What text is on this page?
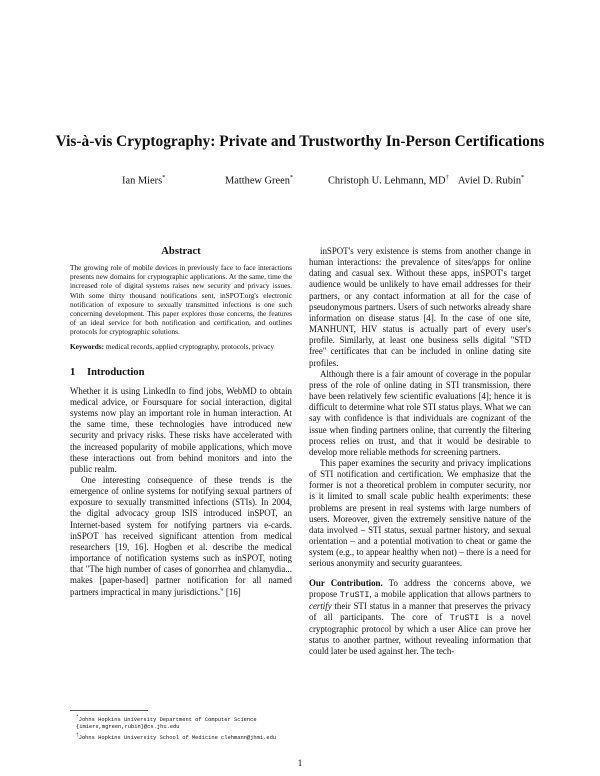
Vis-à-vis Cryptography: Private and Trustworthy In-Person Certifications
Ian Miers*	Matthew Green*	Christoph U. Lehmann, MD† Aviel D. Rubin*
Abstract
The growing role of mobile devices in previously face to face interactions presents new domains for cryptographic applications. At the same, time the increased role of digital systems raises new security and privacy issues. With some thirty thousand notifications sent, inSPOT.org's electronic notification of exposure to sexually transmitted infections is one such concerning development. This paper explores those concerns, the features of an ideal service for both notification and certification, and outlines protocols for cryptographic solutions.
Keywords: medical records, applied cryptography, protocols, privacy
1 Introduction

Whether it is using LinkedIn to find jobs, WebMD to obtain medical advice, or Foursquare for social interaction, digital systems now play an important role in human interaction. At the same time, these technologies have introduced new security and privacy risks. These risks have accelerated with the increased popularity of mobile applications, which move these interactions out from behind monitors and into the public realm.

One interesting consequence of these trends is the emergence of online systems for notifying sexual partners of exposure to sexually transmitted infections (STIs). In 2004, the digital advocacy group ISIS introduced inSPOT, an Internet-based system for notifying partners via e-cards. inSPOT has received significant attention from medical researchers [19, 16]. Hogben et al. describe the medical importance of notification systems such as inSPOT, noting that "The high number of cases of gonorrhea and chlamydia... makes [paper-based] partner notification for all named partners impractical in many jurisdictions." [16]

inSPOT's very existence is stems from another change in human interactions: the prevalence of sites/apps for online dating and casual sex. Without these apps, inSPOT's target audience would be unlikely to have email addresses for their partners, or any contact information at all for the case of pseudonymous partners. Users of such networks already share information on disease status [4]. In the case of one site, MANHUNT, HIV status is actually part of every user's profile. Similarly, at least one business sells digital "STD free" certificates that can be included in online dating site profiles.

Although there is a fair amount of coverage in the popular press of the role of online dating in STI transmission, there have been relatively few scientific evaluations [4]; hence it is difficult to determine what role STI status plays. What we can say with confidence is that individuals are cognizant of the issue when finding partners online, that currently the filtering process relies on trust, and that it would be desirable to develop more reliable methods for screening partners.

This paper examines the security and privacy implications of STI notification and certification. We emphasize that the former is not a theoretical problem in computer security, nor is it limited to small scale public health experiments: these problems are present in real systems with large numbers of users. Moreover, given the extremely sensitive nature of the data involved – STI status, sexual partner history, and sexual orientation – and a potential motivation to cheat or game the system (e.g., to appear healthy when not) – there is a need for serious anonymity and security guarantees.

Our Contribution. To address the concerns above, we propose TruSTI, a mobile application that allows partners to certify their STI status in a manner that preserves the privacy of all participants. The core of TruSTI is a novel cryptographic protocol by which a user Alice can prove her status to another partner, without revealing information that could later be used against her. The tech-

*Johns Hopkins University Department of Computer Science {imiers,mgreen,rubin}@cs.jhu.edu
†Johns Hopkins University School of Medicine clehmann@jhmi.edu
1
